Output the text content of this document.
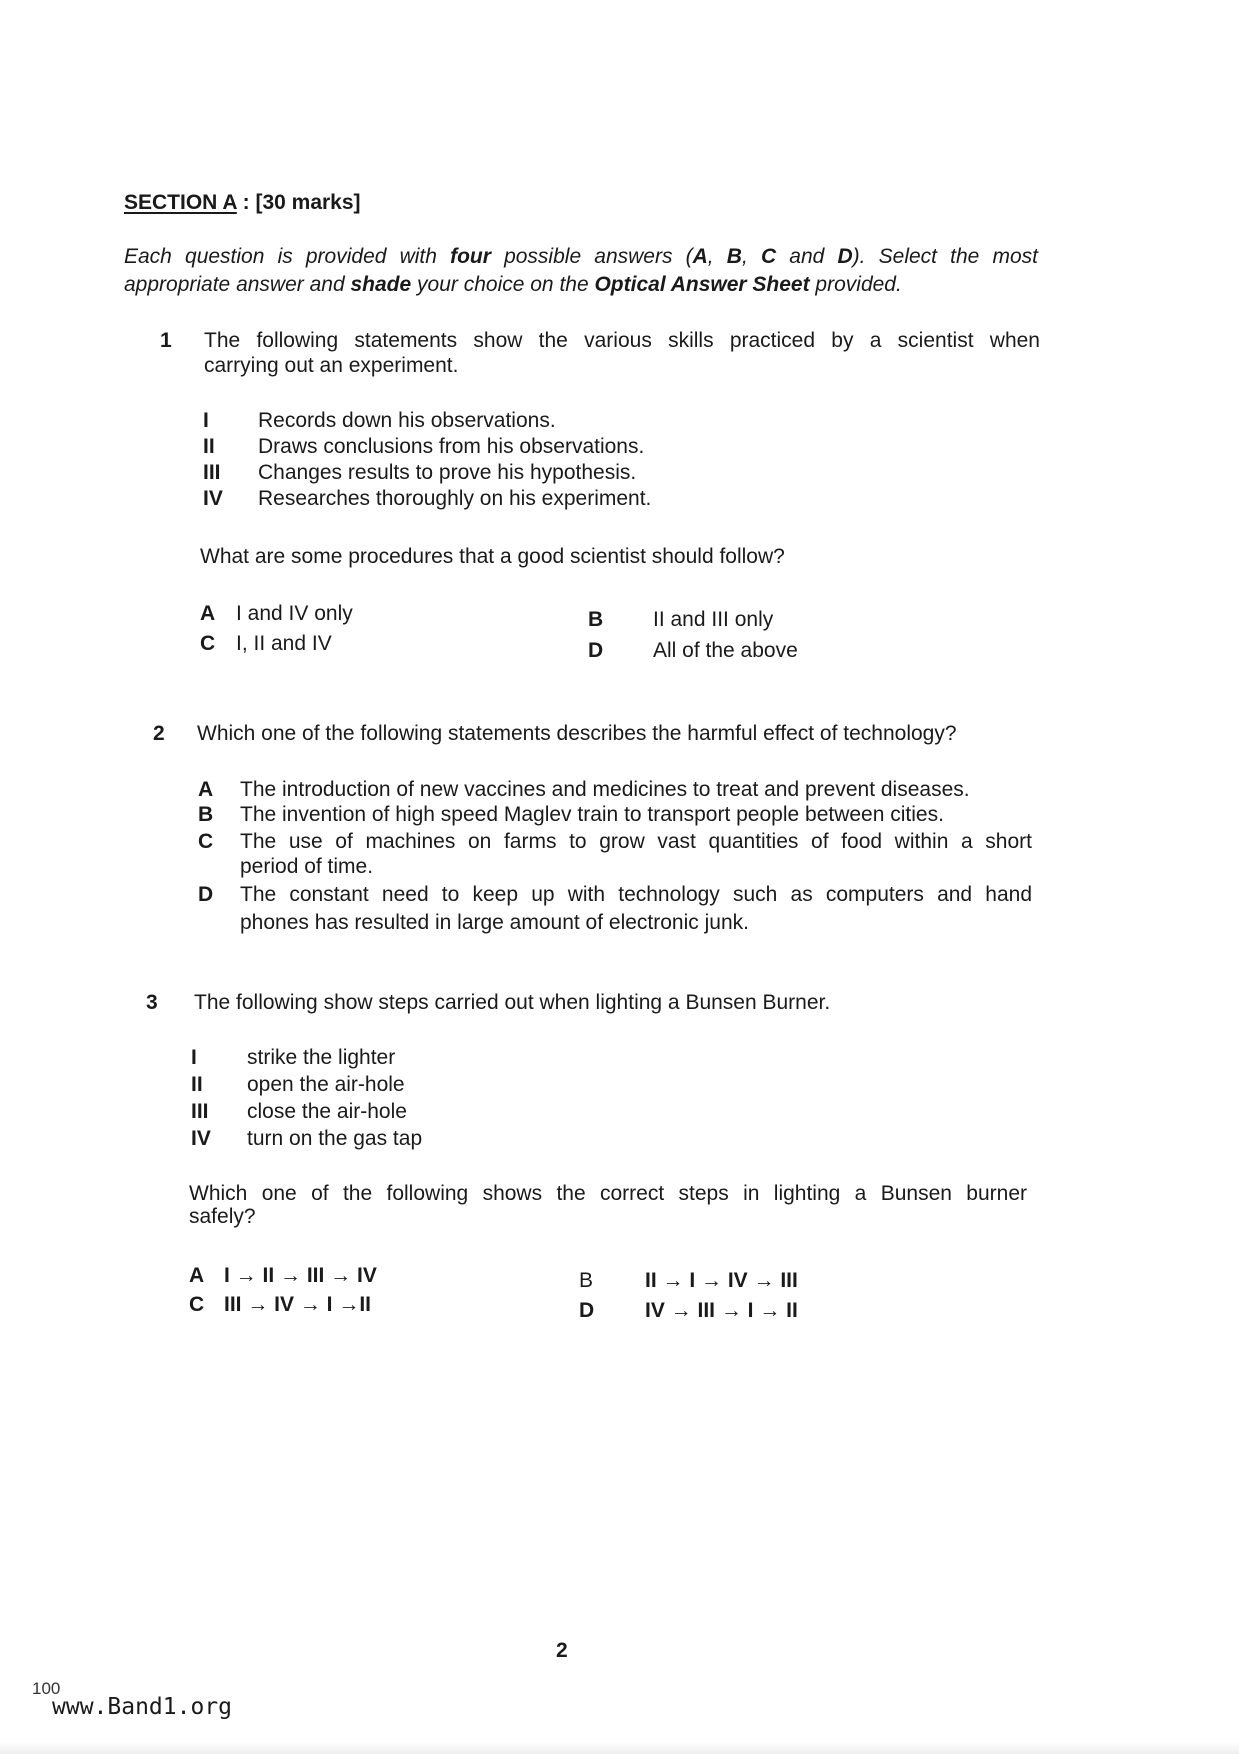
SECTION A : [30 marks]
Each question is provided with four possible answers (A, B, C and D). Select the most
appropriate answer and shade your choice on the Optical Answer Sheet provided.
1 The following statements show the various skills practiced by a scientist when
carrying out an experiment.
I Records down his observations.
II Draws conclusions from his observations.
III Changes results to prove his hypothesis.
IV Researches thoroughly on his experiment.
What are some procedures that a good scientist should follow?
A I and IV only	B II and III only
C I, II and IV	D All of the above
2 Which one of the following statements describes the harmful effect of technology?
A The introduction of new vaccines and medicines to treat and prevent diseases.
B The invention of high speed Maglev train to transport people between cities.
C The use of machines on farms to grow vast quantities of food within a short
period of time.
D The constant need to keep up with technology such as computers and hand
phones has resulted in large amount of electronic junk.
3 The following show steps carried out when lighting a Bunsen Burner.
I strike the lighter
II open the air-hole
III close the air-hole
IV turn on the gas tap
Which one of the following shows the correct steps in lighting a Bunsen burner
safely?
A I → II → III → IV	B II → I → IV → III
C III → IV → I →II	D IV → III → I → II
2
100
www.Band1.org
